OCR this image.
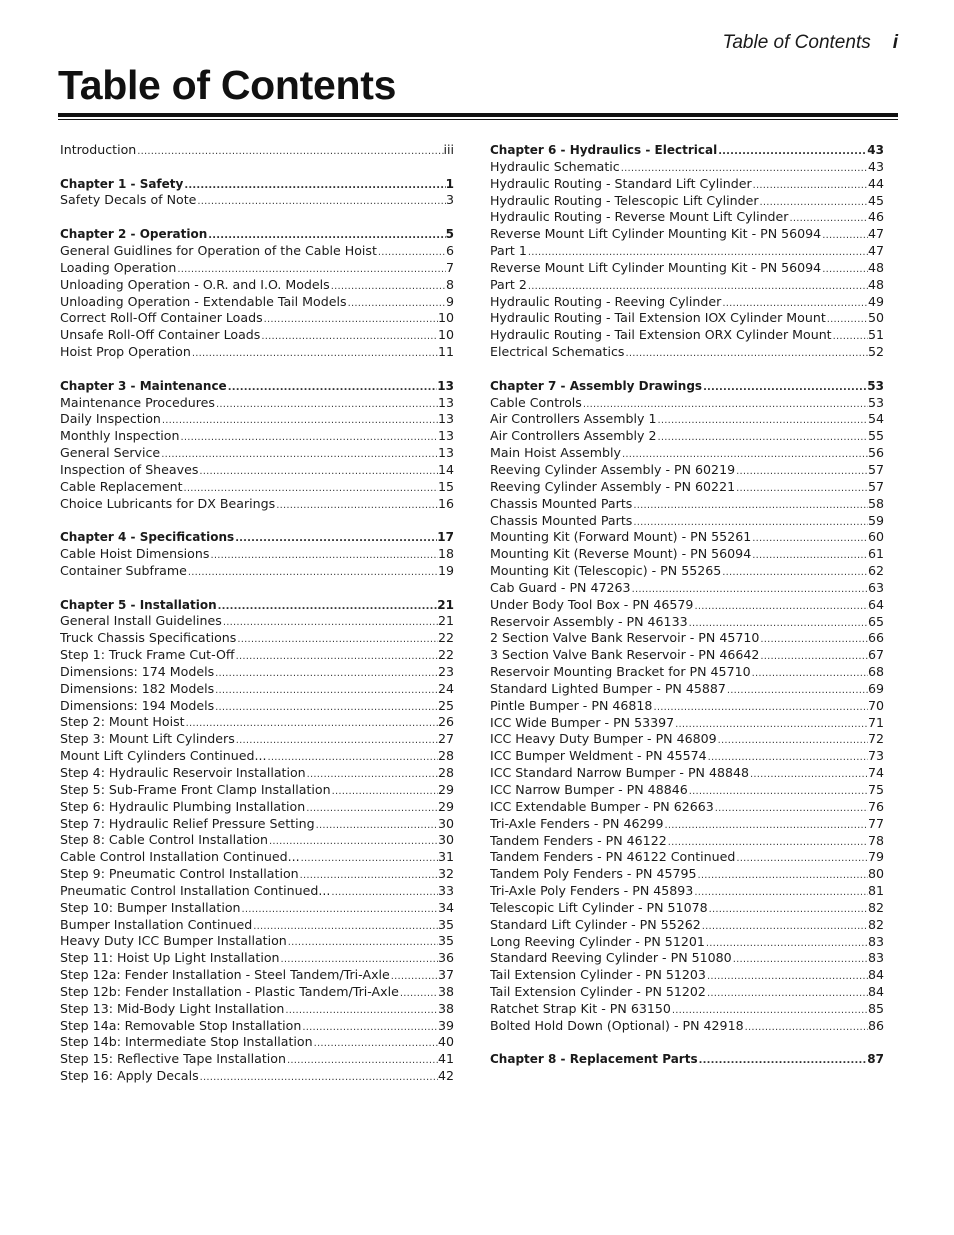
Table of Contents i
Table of Contents
Introduction .....	iii
Chapter 1 - Safety .....	1
Safety Decals of Note .....	3
Chapter 2 - Operation .....	5
General Guidlines for Operation of the Cable Hoist .....	6
Loading Operation .....	7
Unloading Operation - O.R. and I.O. Models .....	8
Unloading Operation - Extendable Tail Models .....	9
Correct Roll-Off Container Loads .....	10
Unsafe Roll-Off Container Loads .....	10
Hoist Prop Operation .....	11
Chapter 3 - Maintenance .....	13
Maintenance Procedures .....	13
Daily Inspection .....	13
Monthly Inspection .....	13
General Service .....	13
Inspection of Sheaves .....	14
Cable Replacement .....	15
Choice Lubricants for DX Bearings .....	16
Chapter 4 - Specifications .....	17
Cable Hoist Dimensions .....	18
Container Subframe .....	19
Chapter 5 - Installation .....	21
General Install Guidelines .....	21
Truck Chassis Specifications .....	22
Step 1: Truck Frame Cut-Off .....	22
Dimensions: 174 Models .....	23
Dimensions: 182 Models .....	24
Dimensions: 194 Models .....	25
Step 2: Mount Hoist .....	26
Step 3: Mount Lift Cylinders .....	27
Mount Lift Cylinders Continued... .....	28
Step 4: Hydraulic Reservoir Installation .....	28
Step 5: Sub-Frame Front Clamp Installation .....	29
Step 6: Hydraulic Plumbing Installation .....	29
Step 7: Hydraulic Relief Pressure Setting .....	30
Step 8: Cable Control Installation .....	30
Cable Control Installation Continued... .....	31
Step 9: Pneumatic Control Installation .....	32
Pneumatic Control Installation Continued... .....	33
Step 10: Bumper Installation .....	34
Bumper Installation Continued .....	35
Heavy Duty ICC Bumper Installation .....	35
Step 11: Hoist Up Light Installation .....	36
Step 12a: Fender Installation - Steel Tandem/Tri-Axle .....	37
Step 12b: Fender Installation - Plastic Tandem/Tri-Axle .....	38
Step 13: Mid-Body Light Installation .....	38
Step 14a: Removable Stop Installation .....	39
Step 14b: Intermediate Stop Installation .....	40
Step 15: Reflective Tape Installation .....	41
Step 16: Apply Decals .....	42
Chapter 6 - Hydraulics - Electrical .....	43
Hydraulic Schematic .....	43
Hydraulic Routing - Standard Lift Cylinder .....	44
Hydraulic Routing - Telescopic Lift Cylinder .....	45
Hydraulic Routing - Reverse Mount Lift Cylinder .....	46
Reverse Mount Lift Cylinder Mounting Kit - PN 56094 .....	47
Part 1 .....	47
Reverse Mount Lift Cylinder Mounting Kit - PN 56094 .....	48
Part 2 .....	48
Hydraulic Routing - Reeving Cylinder .....	49
Hydraulic Routing - Tail Extension IOX Cylinder Mount .....	50
Hydraulic Routing - Tail Extension ORX Cylinder Mount .....	51
Electrical Schematics .....	52
Chapter 7 - Assembly Drawings .....	53
Cable Controls .....	53
Air Controllers Assembly 1 .....	54
Air Controllers Assembly 2 .....	55
Main Hoist Assembly .....	56
Reeving Cylinder Assembly - PN 60219 .....	57
Reeving Cylinder Assembly - PN 60221 .....	57
Chassis Mounted Parts .....	58
Chassis Mounted Parts .....	59
Mounting Kit (Forward Mount) - PN 55261 .....	60
Mounting Kit (Reverse Mount) - PN 56094 .....	61
Mounting Kit (Telescopic) - PN 55265 .....	62
Cab Guard - PN 47263 .....	63
Under Body Tool Box - PN 46579 .....	64
Reservoir Assembly - PN 46133 .....	65
2 Section Valve Bank Reservoir - PN 45710 .....	66
3 Section Valve Bank Reservoir - PN 46642 .....	67
Reservoir Mounting Bracket for PN 45710 .....	68
Standard Lighted Bumper - PN 45887 .....	69
Pintle Bumper - PN 46818 .....	70
ICC Wide Bumper - PN 53397 .....	71
ICC Heavy Duty Bumper - PN 46809 .....	72
ICC Bumper Weldment - PN 45574 .....	73
ICC Standard Narrow Bumper - PN 48848 .....	74
ICC Narrow Bumper - PN 48846 .....	75
ICC Extendable Bumper - PN 62663 .....	76
Tri-Axle Fenders - PN 46299 .....	77
Tandem Fenders - PN 46122 .....	78
Tandem Fenders - PN 46122 Continued .....	79
Tandem Poly Fenders - PN 45795 .....	80
Tri-Axle Poly Fenders - PN 45893 .....	81
Telescopic Lift Cylinder - PN 51078 .....	82
Standard Lift Cylinder - PN 55262 .....	82
Long Reeving Cylinder - PN 51201 .....	83
Standard Reeving Cylinder - PN 51080 .....	83
Tail Extension Cylinder - PN 51203 .....	84
Tail Extension Cylinder - PN 51202 .....	84
Ratchet Strap Kit - PN 63150 .....	85
Bolted Hold Down (Optional) - PN 42918 .....	86
Chapter 8 - Replacement Parts .....	87
